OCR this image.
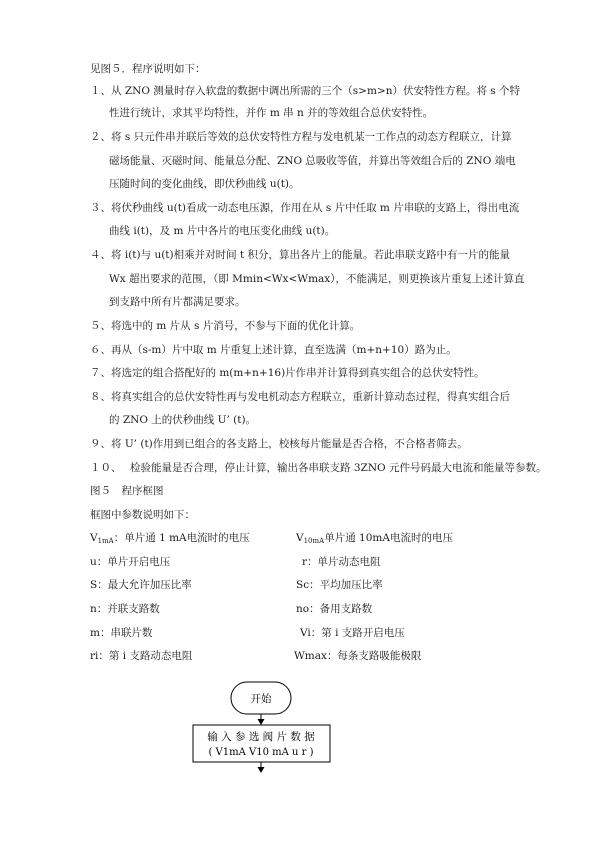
见图５．程序说明如下：
１、从 ZNO 测量时存入软盘的数据中调出所需的三个（s>m>n）伏安特性方程。将 s 个特
性进行统计，求其平均特性，并作 m 串 n 并的等效组合总伏安特性。
２、将 s 只元件串并联后等效的总伏安特性方程与发电机某一工作点的动态方程联立，计算
磁场能量、灭磁时间、能量总分配、ZNO 总吸收等值，并算出等效组合后的 ZNO 端电
压随时间的变化曲线，即伏秒曲线 u(t)。
３、将伏秒曲线 u(t)看成一动态电压源，作用在从 s 片中任取 m 片串联的支路上，得出电流
曲线 i(t)，及 m 片中各片的电压变化曲线 u(t)。
４、将 i(t)与 u(t)相乘并对时间 t 积分，算出各片上的能量。若此串联支路中有一片的能量
Wx 超出要求的范围，（即 Mmin<Wx<Wmax），不能满足，则更换该片重复上述计算直
到支路中所有片都满足要求。
５、将选中的 m 片从 s 片消号，不参与下面的优化计算。
６、再从（s-m）片中取 m 片重复上述计算，直至选满（m+n+10）路为止。
７、将选定的组合搭配好的 m(m+n+16)片作串并计算得到真实组合的总伏安特性。
８、将真实组合的总伏安特性再与发电机动态方程联立，重新计算动态过程，得真实组合后
的 ZNO 上的伏秒曲线 U’ (t)。
９、将 U’ (t)作用到已组合的各支路上，校核每片能量是否合格，不合格者筛去。
１０、 检验能量是否合理，停止计算，输出各串联支路 3ZNO 元件号码最大电流和能量等参数。
图５　程序框图
框图中参数说明如下：
$V_{1mA}$：单片通 1 mA电流时的电压	$V_{10mA}$单片通 10mA电流时的电压
u：单片开启电压	r：单片动态电阻
S：最大允许加压比率	Sc：平均加压比率
n：并联支路数	no：备用支路数
m：串联片数	Vi：第 i 支路开启电压
ri：第 i 支路动态电阻	Wmax：每条支路吸能极限
开始
输 入 参 选 阀 片 数 据
( V1mA V10 mA u r )
